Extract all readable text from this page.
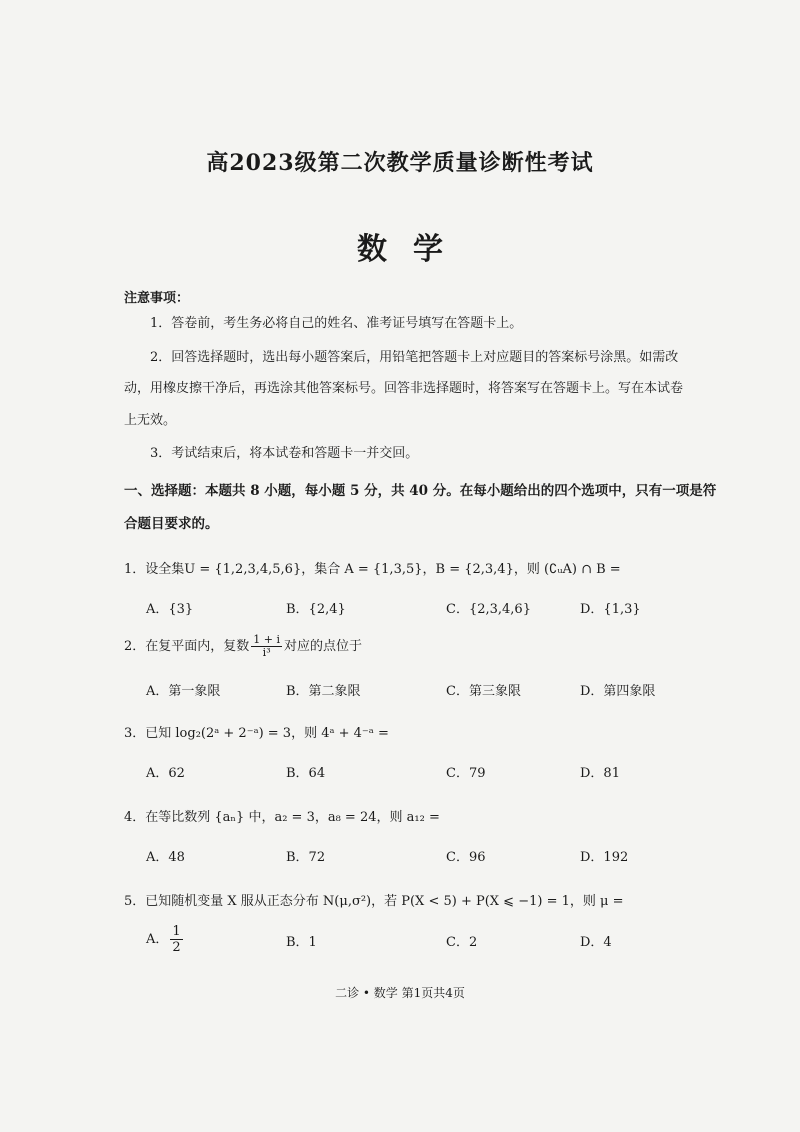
高2023级第二次教学质量诊断性考试
数学
注意事项：
1．答卷前，考生务必将自己的姓名、准考证号填写在答题卡上。
2．回答选择题时，选出每小题答案后，用铅笔把答题卡上对应题目的答案标号涂黑。如需改
动，用橡皮擦干净后，再选涂其他答案标号。回答非选择题时，将答案写在答题卡上。写在本试卷
上无效。
3．考试结束后，将本试卷和答题卡一并交回。
一、选择题：本题共 8 小题，每小题 5 分，共 40 分。在每小题给出的四个选项中，只有一项是符
合题目要求的。
1．设全集U = {1,2,3,4,5,6}，集合 A = {1,3,5}，B = {2,3,4}，则 (∁ᵤA) ∩ B =
A．{3}	B．{2,4}	C．{2,3,4,6}	D．{1,3}
2．在复平面内，复数 $\frac{1 + i}{\text{i³}}$ 对应的点位于
A．第一象限	B．第二象限	C．第三象限	D．第四象限
3．已知 log₂(2ᵃ + 2⁻ᵃ) = 3，则 4ᵃ + 4⁻ᵃ =
A．62	B．64	C．79	D．81
4．在等比数列 {aₙ} 中，a₂ = 3，a₈ = 24，则 a₁₂ =
A．48	B．72	C．96	D．192
5．已知随机变量 X 服从正态分布 N(μ,σ²)，若 P(X < 5) + P(X ⩽ −1) = 1，则 μ =
A． $\frac{1}{2}$	B．1	C．2	D．4
二诊 • 数学 第1页共4页
